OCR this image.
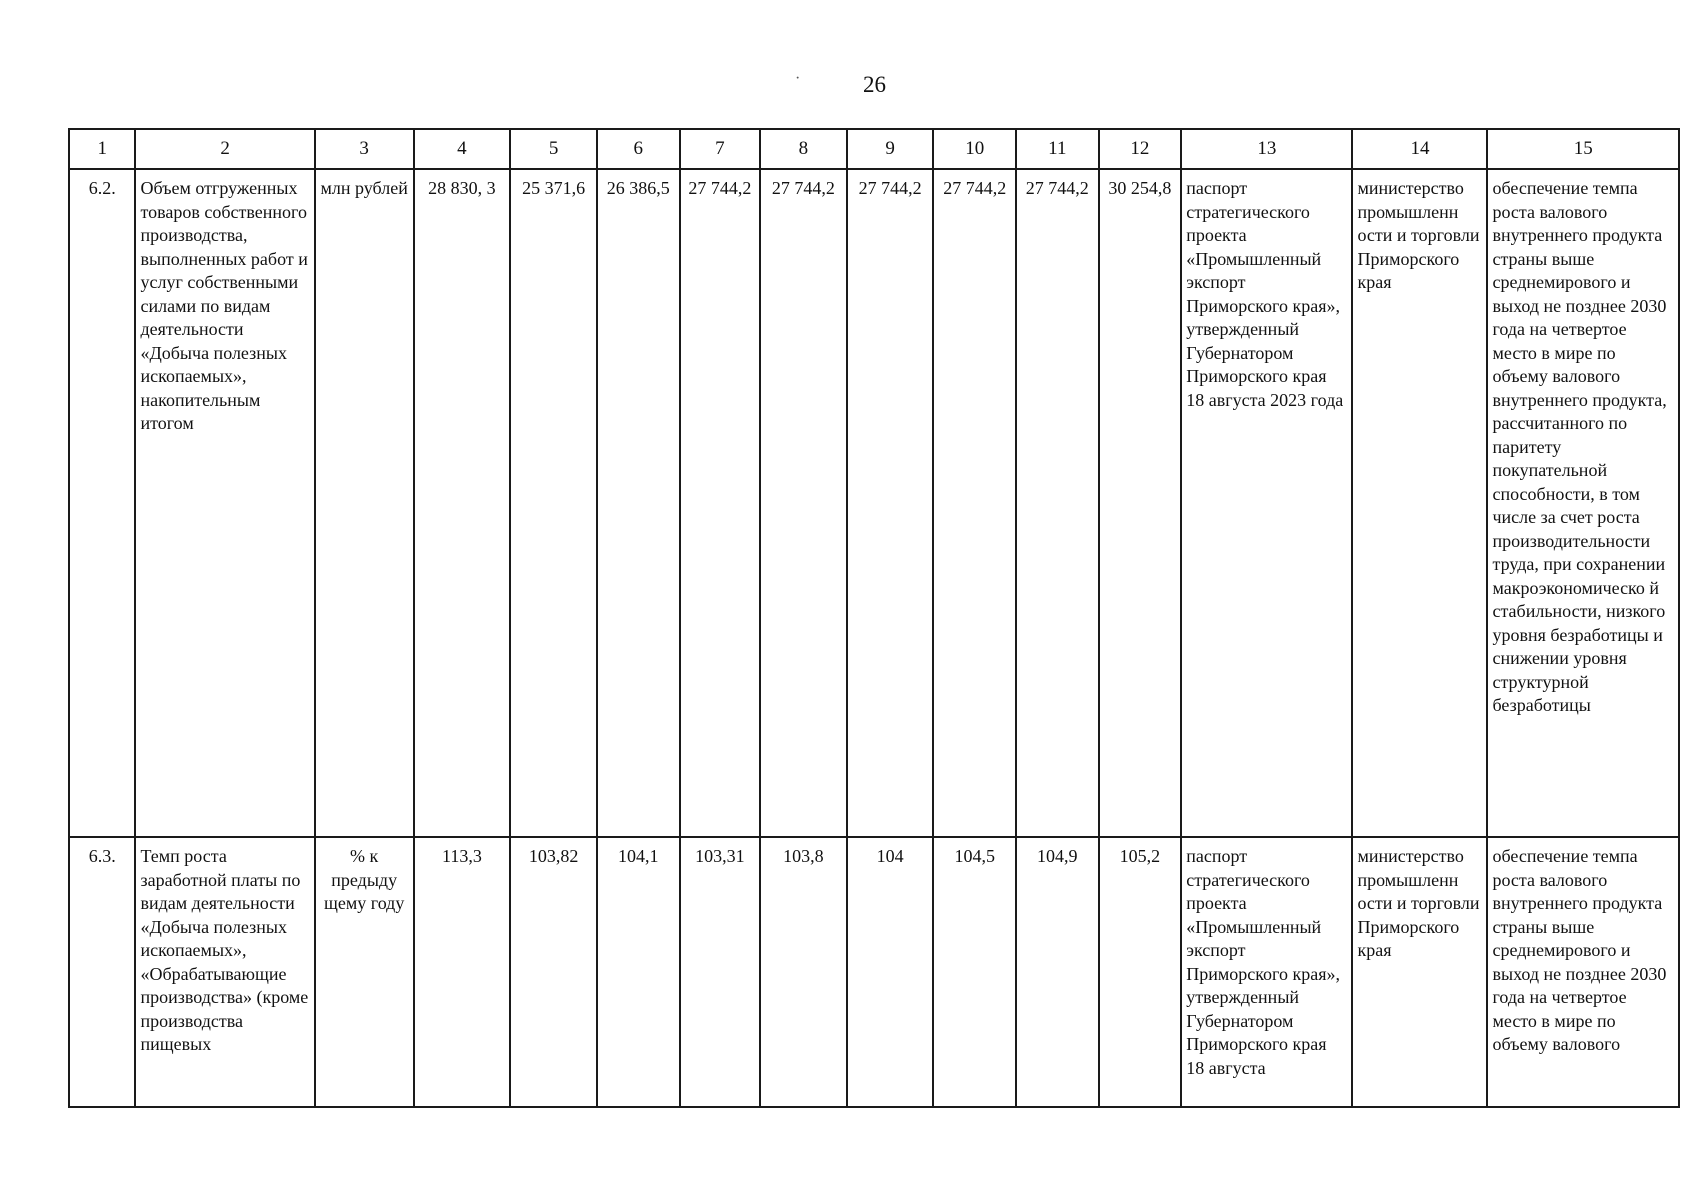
26
·
1	2	3	4	5	6	7	8	9	10	11	12	13	14	15

6.2.	Объем отгруженных товаров собственного производства, выполненных работ и услуг собственными силами по видам деятельности «Добыча полезных ископаемых», накопительным итогом	млн рублей	28 830, 3	25 371,6	26 386,5	27 744,2	27 744,2	27 744,2	27 744,2	27 744,2	30 254,8	паспорт стратегического проекта «Промышленный экспорт Приморского края», утвержденный Губернатором Приморского края 18 августа 2023 года	министерство промышленн ости и торговли Приморского края	обеспечение темпа роста валового внутреннего продукта страны выше среднемирового и выход не позднее 2030 года на четвертое место в мире по объему валового внутреннего продукта, рассчитанного по паритету покупательной способности, в том числе за счет роста производительности труда, при сохранении макроэкономическо й стабильности, низкого уровня безработицы и снижении уровня структурной безработицы

6.3.	Темп роста заработной платы по видам деятельности «Добыча полезных ископаемых», «Обрабатывающие производства» (кроме производства пищевых	% к предыду щему году	113,3	103,82	104,1	103,31	103,8	104	104,5	104,9	105,2	паспорт стратегического проекта «Промышленный экспорт Приморского края», утвержденный Губернатором Приморского края 18 августа	министерство промышленн ости и торговли Приморского края	обеспечение темпа роста валового внутреннего продукта страны выше среднемирового и выход не позднее 2030 года на четвертое место в мире по объему валового
